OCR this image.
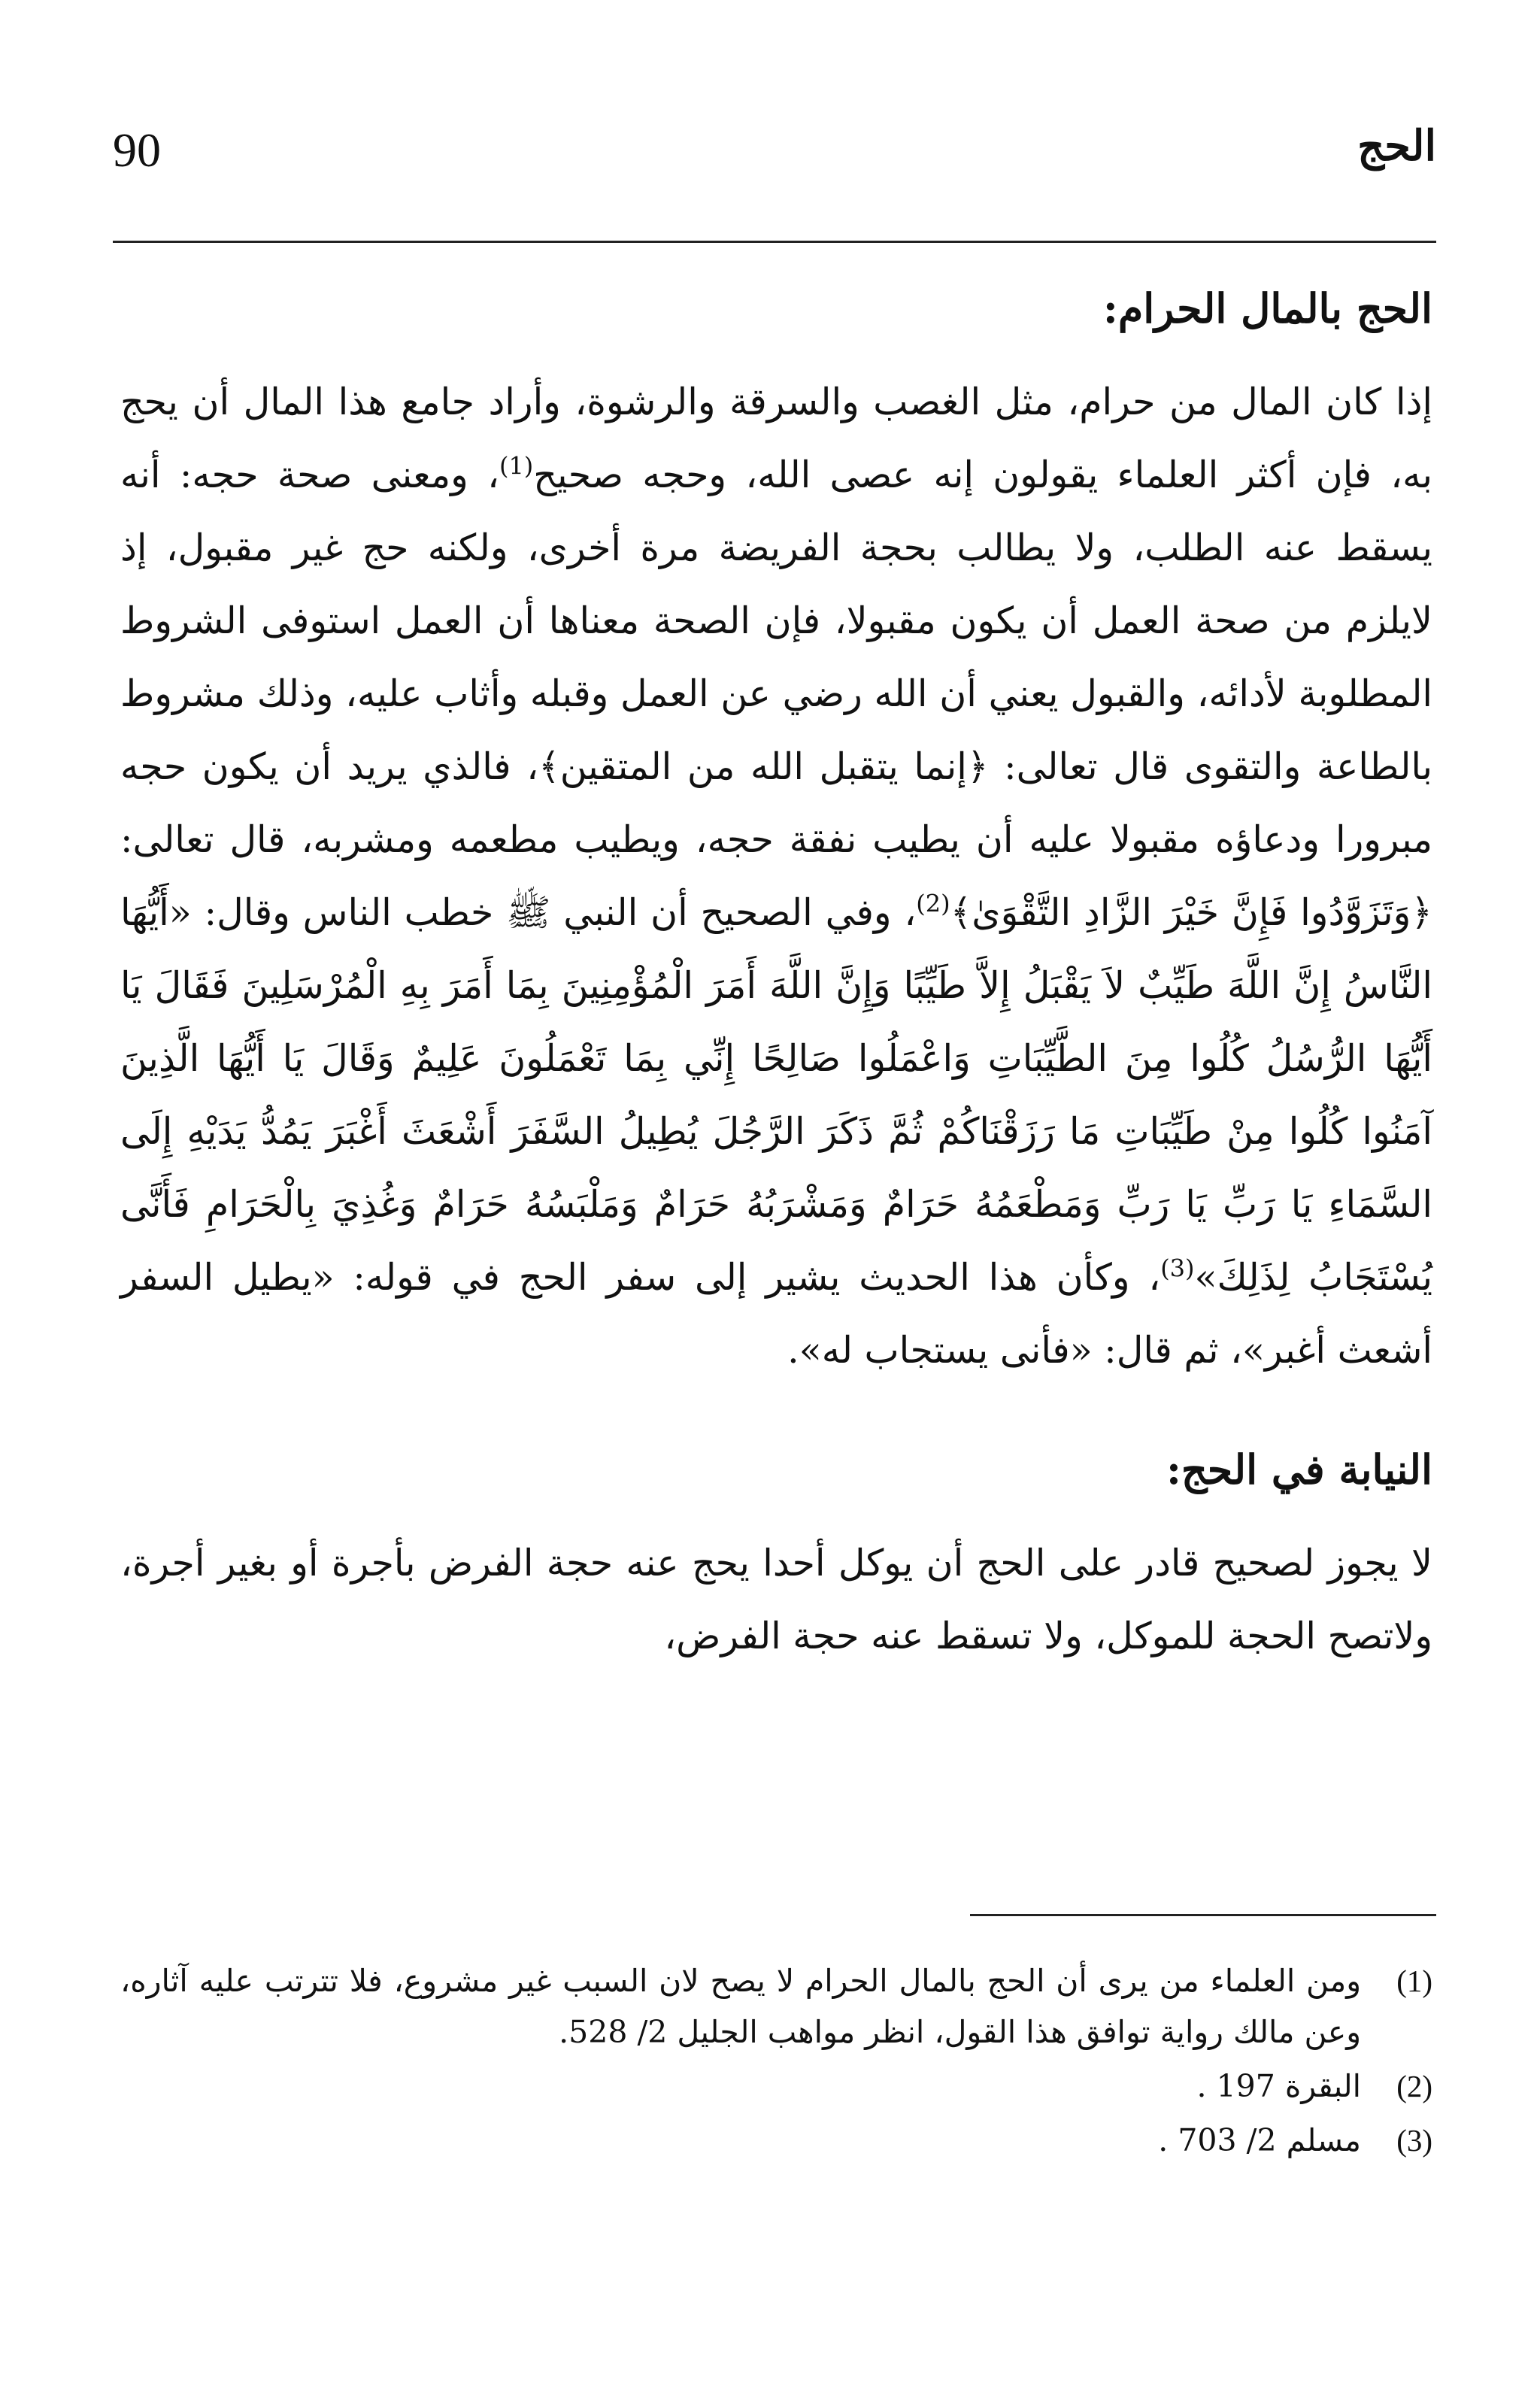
90	الحج
الحج بالمال الحرام:

إذا كان المال من حرام، مثل الغصب والسرقة والرشوة، وأراد جامع هذا المال أن يحج به، فإن أكثر العلماء يقولون إنه عصى الله، وحجه صحيح$^{(1)}$، ومعنى صحة حجه: أنه يسقط عنه الطلب، ولا يطالب بحجة الفريضة مرة أخرى، ولكنه حج غير مقبول، إذ لايلزم من صحة العمل أن يكون مقبولا، فإن الصحة معناها أن العمل استوفى الشروط المطلوبة لأدائه، والقبول يعني أن الله رضي عن العمل وقبله وأثاب عليه، وذلك مشروط بالطاعة والتقوى قال تعالى: ﴿إنما يتقبل الله من المتقين﴾، فالذي يريد أن يكون حجه مبرورا ودعاؤه مقبولا عليه أن يطيب نفقة حجه، ويطيب مطعمه ومشربه، قال تعالى: ﴿وَتَزَوَّدُوا فَإِنَّ خَيْرَ الزَّادِ التَّقْوَىٰ﴾$^{(2)}$، وفي الصحيح أن النبي ﷺ خطب الناس وقال: «أَيُّهَا النَّاسُ إِنَّ اللَّهَ طَيِّبٌ لاَ يَقْبَلُ إِلاَّ طَيِّبًا وَإِنَّ اللَّهَ أَمَرَ الْمُؤْمِنِينَ بِمَا أَمَرَ بِهِ الْمُرْسَلِينَ فَقَالَ يَا أَيُّهَا الرُّسُلُ كُلُوا مِنَ الطَّيِّبَاتِ وَاعْمَلُوا صَالِحًا إِنِّي بِمَا تَعْمَلُونَ عَلِيمٌ وَقَالَ يَا أَيُّهَا الَّذِينَ آمَنُوا كُلُوا مِنْ طَيِّبَاتِ مَا رَزَقْنَاكُمْ ثُمَّ ذَكَرَ الرَّجُلَ يُطِيلُ السَّفَرَ أَشْعَثَ أَغْبَرَ يَمُدُّ يَدَيْهِ إِلَى السَّمَاءِ يَا رَبِّ يَا رَبِّ وَمَطْعَمُهُ حَرَامٌ وَمَشْرَبُهُ حَرَامٌ وَمَلْبَسُهُ حَرَامٌ وَغُذِيَ بِالْحَرَامِ فَأَنَّى يُسْتَجَابُ لِذَلِكَ»$^{(3)}$، وكأن هذا الحديث يشير إلى سفر الحج في قوله: «يطيل السفر أشعث أغبر»، ثم قال: «فأنى يستجاب له».

النيابة في الحج:

لا يجوز لصحيح قادر على الحج أن يوكل أحدا يحج عنه حجة الفرض بأجرة أو بغير أجرة، ولاتصح الحجة للموكل، ولا تسقط عنه حجة الفرض،

(1)
ومن العلماء من يرى أن الحج بالمال الحرام لا يصح لان السبب غير مشروع، فلا تترتب عليه آثاره، وعن مالك رواية توافق هذا القول، انظر مواهب الجليل 2/ 528.
(2)
البقرة 197 .
(3)
مسلم 2/ 703 .
